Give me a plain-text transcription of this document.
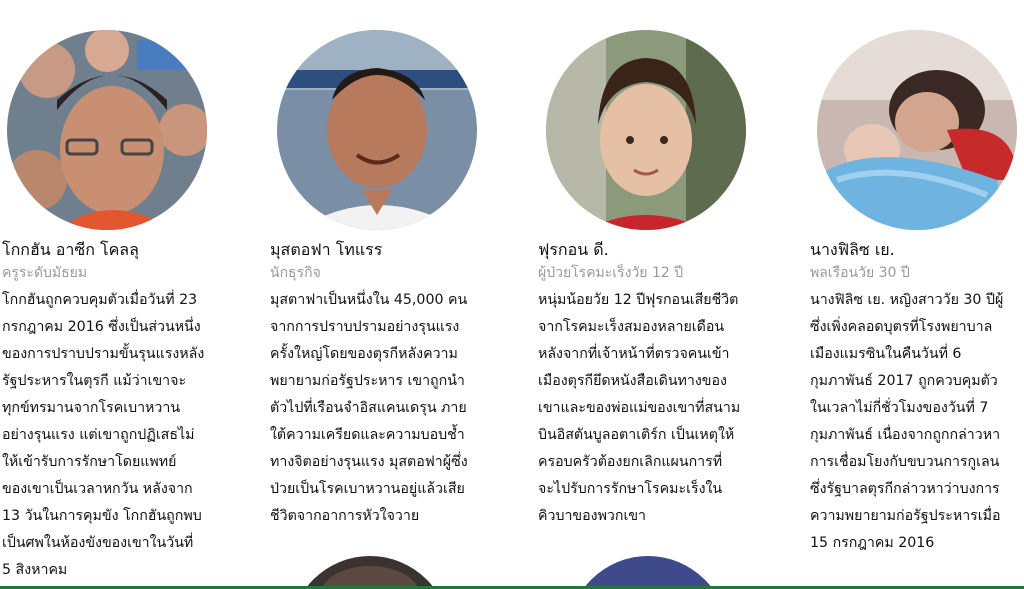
โกกฮัน อาซีก โคลลุ
ครูระดับมัธยม
โกกฮันถูกควบคุมตัวเมื่อวันที่ 23
กรกฎาคม 2016 ซึ่งเป็นส่วนหนึ่ง
ของการปราบปรามขั้นรุนแรงหลัง
รัฐประหารในตุรกี แม้ว่าเขาจะ
ทุกข์ทรมานจากโรคเบาหวาน
อย่างรุนแรง แต่เขาถูกปฏิเสธไม่
ให้เข้ารับการรักษาโดยแพทย์
ของเขาเป็นเวลาหกวัน หลังจาก
13 วันในการคุมขัง โกกฮันถูกพบ
เป็นศพในห้องขังของเขาในวันที่
5 สิงหาคม
มุสตอฟา โทแรร
นักธุรกิจ
มุสตาฟาเป็นหนึ่งใน 45,000 คน
จากการปราบปรามอย่างรุนแรง
ครั้งใหญ่โดยของตุรกีหลังความ
พยายามก่อรัฐประหาร เขาถูกนำ
ตัวไปที่เรือนจำอิสแคนเดรุน ภาย
ใต้ความเครียดและความบอบช้ำ
ทางจิตอย่างรุนแรง มุสตอฟาผู้ซึ่ง
ป่วยเป็นโรคเบาหวานอยู่แล้วเสีย
ชีวิตจากอาการหัวใจวาย
ฟุรกอน ดี.
ผู้ป่วยโรคมะเร็งวัย 12 ปี
หนุ่มน้อยวัย 12 ปีฟุรกอนเสียชีวิต
จากโรคมะเร็งสมองหลายเดือน
หลังจากที่เจ้าหน้าที่ตรวจคนเข้า
เมืองตุรกียึดหนังสือเดินทางของ
เขาและของพ่อแม่ของเขาที่สนาม
บินอิสตันบูลอตาเติร์ก เป็นเหตุให้
ครอบครัวต้องยกเลิกแผนการที่
จะไปรับการรักษาโรคมะเร็งใน
คิวบาของพวกเขา
นางฟิลิซ เย.
พลเรือนวัย 30 ปี
นางฟิลิซ เย. หญิงสาววัย 30 ปีผู้
ซึ่งเพิ่งคลอดบุตรที่โรงพยาบาล
เมืองแมรซินในคืนวันที่ 6
กุมภาพันธ์ 2017 ถูกควบคุมตัว
ในเวลาไม่กี่ชั่วโมงของวันที่ 7
กุมภาพันธ์ เนื่องจากถูกกล่าวหา
การเชื่อมโยงกับขบวนการกูเลน
ซึ่งรัฐบาลตุรกีกล่าวหาว่าบงการ
ความพยายามก่อรัฐประหารเมื่อ
15 กรกฎาคม 2016
